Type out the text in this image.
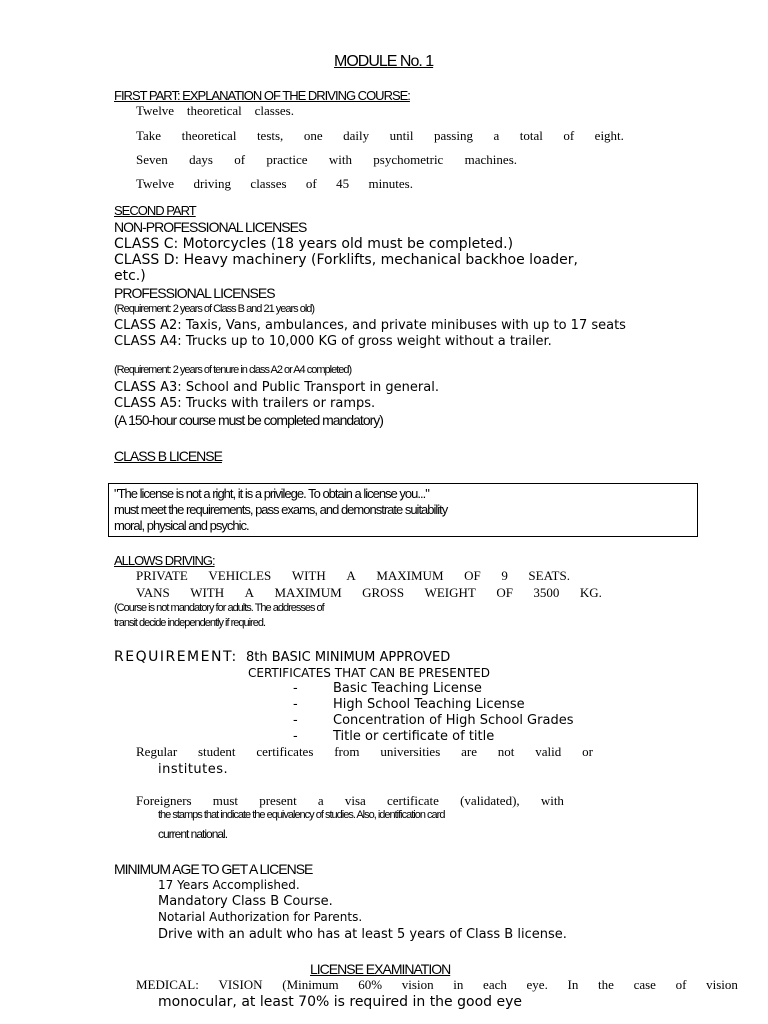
MODULE No. 1
FIRST PART: EXPLANATION OF THE DRIVING COURSE:
Twelve theoretical classes.
Take theoretical tests, one daily until passing a total of eight.
Seven days of practice with psychometric machines.
Twelve driving classes of 45 minutes.
SECOND PART
NON-PROFESSIONAL LICENSES
CLASS C: Motorcycles (18 years old must be completed.)
CLASS D: Heavy machinery (Forklifts, mechanical backhoe loader,
etc.)
PROFESSIONAL LICENSES
(Requirement: 2 years of Class B and 21 years old)
CLASS A2: Taxis, Vans, ambulances, and private minibuses with up to 17 seats
CLASS A4: Trucks up to 10,000 KG of gross weight without a trailer.
(Requirement: 2 years of tenure in class A2 or A4 completed)
CLASS A3: School and Public Transport in general.
CLASS A5: Trucks with trailers or ramps.
(A 150-hour course must be completed mandatory)
CLASS B LICENSE
"The license is not a right, it is a privilege. To obtain a license you..."
must meet the requirements, pass exams, and demonstrate suitability
moral, physical and psychic.
ALLOWS DRIVING:
PRIVATE VEHICLES WITH A MAXIMUM OF 9 SEATS.
VANS WITH A MAXIMUM GROSS WEIGHT OF 3500 KG.
(Course is not mandatory for adults. The addresses of
transit decide independently if required.
REQUIREMENT: 8th BASIC MINIMUM APPROVED
CERTIFICATES THAT CAN BE PRESENTED
-	Basic Teaching License
-	High School Teaching License
-	Concentration of High School Grades
-	Title or certificate of title
Regular student certificates from universities are not valid or
institutes.
Foreigners must present a visa certificate (validated), with
the stamps that indicate the equivalency of studies. Also, identification card
current national.
MINIMUM AGE TO GET A LICENSE
17 Years Accomplished.
Mandatory Class B Course.
Notarial Authorization for Parents.
Drive with an adult who has at least 5 years of Class B license.
LICENSE EXAMINATION
MEDICAL: VISION (Minimum 60% vision in each eye. In the case of vision
monocular, at least 70% is required in the good eye
